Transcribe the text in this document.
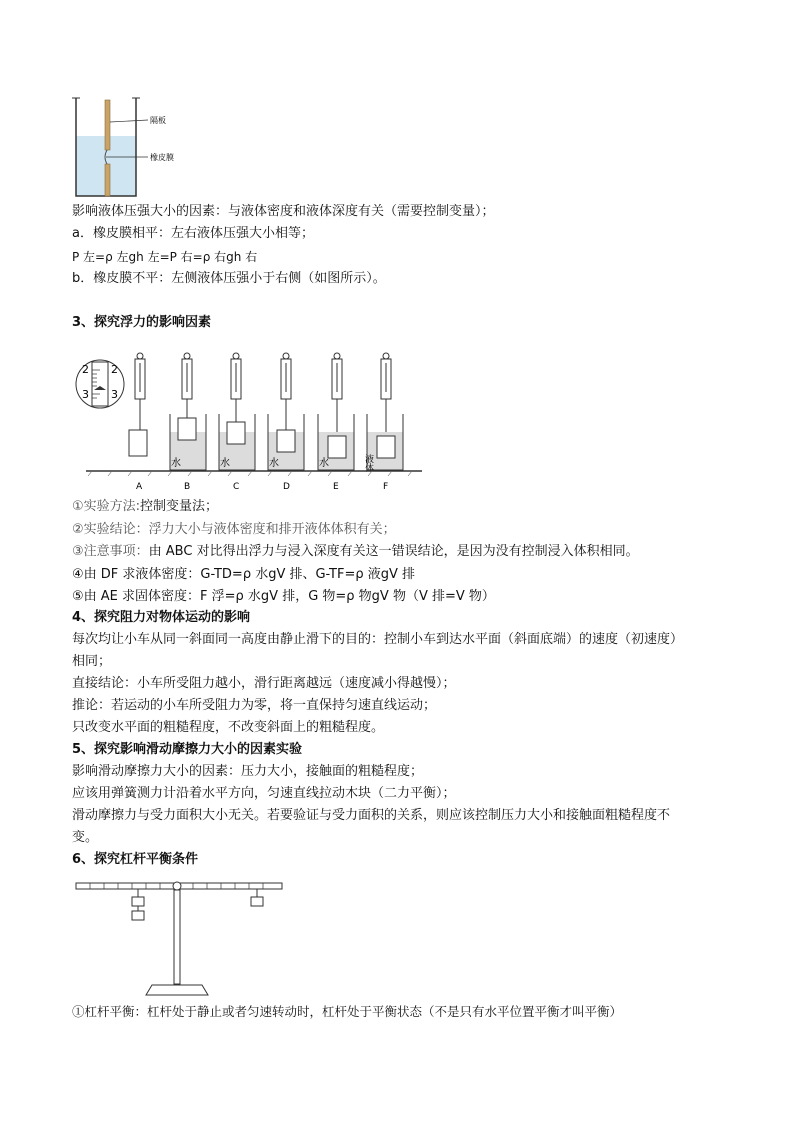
隔板
橡皮膜
影响液体压强大小的因素：与液体密度和液体深度有关（需要控制变量）；
a．橡皮膜相平：左右液体压强大小相等；
P 左=ρ 左gh 左=P 右=ρ 右gh 右
b．橡皮膜不平：左侧液体压强小于右侧（如图所示）。
3、探究浮力的影响因素
2
3
2
3
水	水	水	水	液体
A	B	C	D	E	F
①实验方法:控制变量法；
②实验结论：浮力大小与液体密度和排开液体体积有关；
③注意事项：由 ABC 对比得出浮力与浸入深度有关这一错误结论，是因为没有控制浸入体积相同。
④由 DF 求液体密度：G-TD=ρ 水gV 排、G-TF=ρ 液gV 排
⑤由 AE 求固体密度：F 浮=ρ 水gV 排，G 物=ρ 物gV 物（V 排=V 物）
4、探究阻力对物体运动的影响
每次均让小车从同一斜面同一高度由静止滑下的目的：控制小车到达水平面（斜面底端）的速度（初速度）
相同；
直接结论：小车所受阻力越小，滑行距离越远（速度减小得越慢）；
推论：若运动的小车所受阻力为零，将一直保持匀速直线运动；
只改变水平面的粗糙程度，不改变斜面上的粗糙程度。
5、探究影响滑动摩擦力大小的因素实验
影响滑动摩擦力大小的因素：压力大小，接触面的粗糙程度；
应该用弹簧测力计沿着水平方向，匀速直线拉动木块（二力平衡）；
滑动摩擦力与受力面积大小无关。若要验证与受力面积的关系，则应该控制压力大小和接触面粗糙程度不
变。
6、探究杠杆平衡条件
①杠杆平衡：杠杆处于静止或者匀速转动时，杠杆处于平衡状态（不是只有水平位置平衡才叫平衡）
